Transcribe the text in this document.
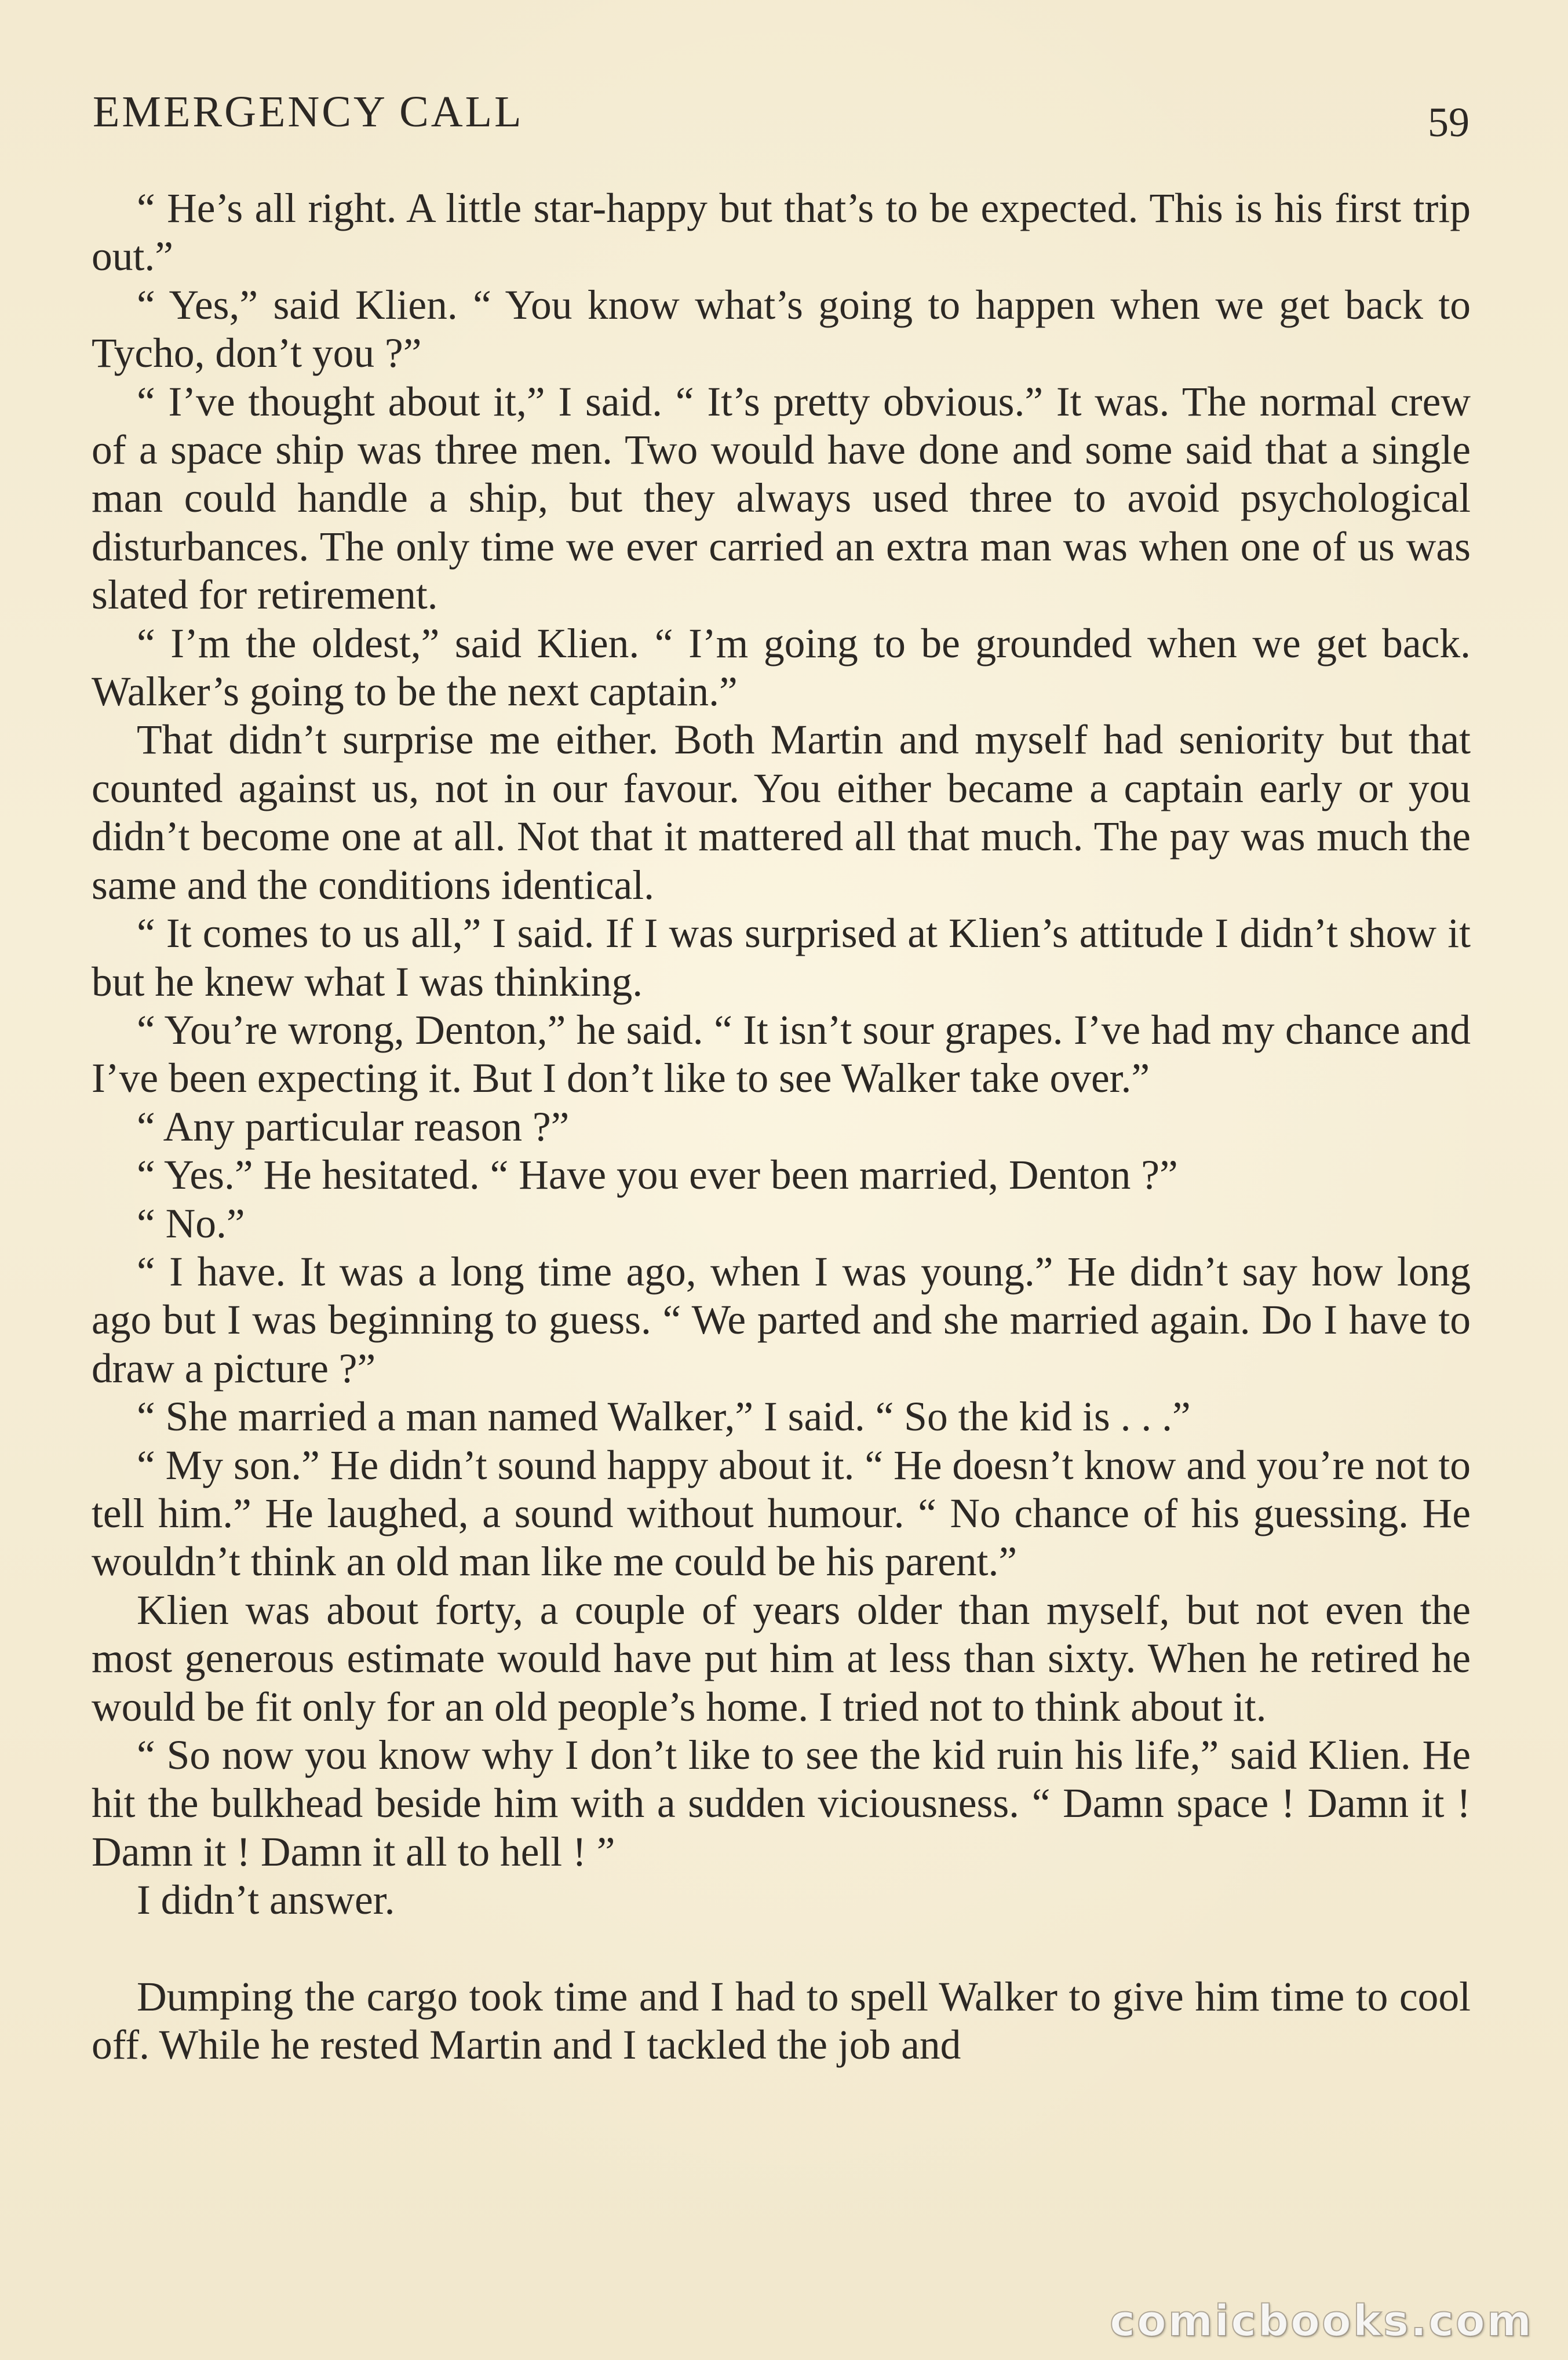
EMERGENCY CALL	59

“ He’s all right. A little star-happy but that’s to be expected. This is his first trip out.”

“ Yes,” said Klien. “ You know what’s going to happen when we get back to Tycho, don’t you ?”

“ I’ve thought about it,” I said. “ It’s pretty obvious.” It was. The normal crew of a space ship was three men. Two would have done and some said that a single man could handle a ship, but they always used three to avoid psychological disturbances. The only time we ever carried an extra man was when one of us was slated for retirement.

“ I’m the oldest,” said Klien. “ I’m going to be grounded when we get back. Walker’s going to be the next captain.”

That didn’t surprise me either. Both Martin and myself had seniority but that counted against us, not in our favour. You either became a captain early or you didn’t become one at all. Not that it mattered all that much. The pay was much the same and the conditions identical.

“ It comes to us all,” I said. If I was surprised at Klien’s attitude I didn’t show it but he knew what I was thinking.

“ You’re wrong, Denton,” he said. “ It isn’t sour grapes. I’ve had my chance and I’ve been expecting it. But I don’t like to see Walker take over.”

“ Any particular reason ?”

“ Yes.” He hesitated. “ Have you ever been married, Denton ?”

“ No.”

“ I have. It was a long time ago, when I was young.” He didn’t say how long ago but I was beginning to guess. “ We parted and she married again. Do I have to draw a picture ?”

“ She married a man named Walker,” I said. “ So the kid is . . .”

“ My son.” He didn’t sound happy about it. “ He doesn’t know and you’re not to tell him.” He laughed, a sound without humour. “ No chance of his guessing. He wouldn’t think an old man like me could be his parent.”

Klien was about forty, a couple of years older than myself, but not even the most generous estimate would have put him at less than sixty. When he retired he would be fit only for an old people’s home. I tried not to think about it.

“ So now you know why I don’t like to see the kid ruin his life,” said Klien. He hit the bulkhead beside him with a sudden viciousness. “ Damn space ! Damn it ! Damn it ! Damn it all to hell ! ”

I didn’t answer.

Dumping the cargo took time and I had to spell Walker to give him time to cool off. While he rested Martin and I tackled the job and

comicbooks.com
